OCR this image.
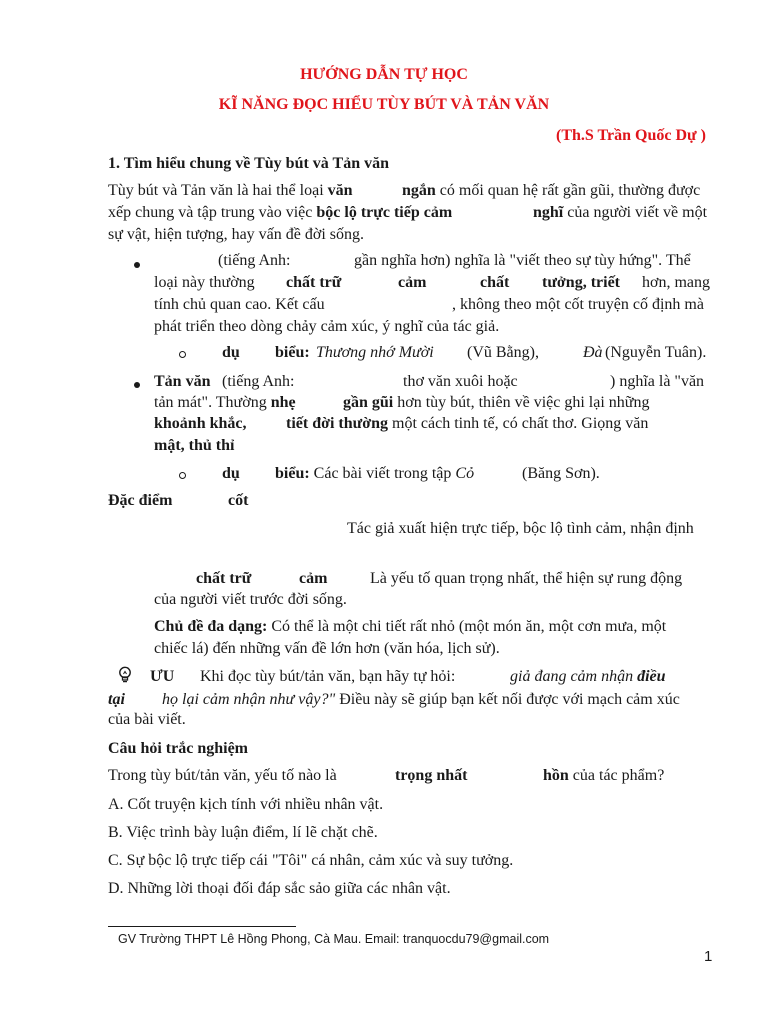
HƯỚNG DẪN TỰ HỌC
KĨ NĂNG ĐỌC HIỂU TÙY BÚT VÀ TẢN VĂN
(Th.S Trần Quốc Dự )
1. Tìm hiểu chung về Tùy bút và Tản văn
Tùy bút và Tản văn là hai thể loại văn	ngắn có mối quan hệ rất gần gũi, thường được
xếp chung và tập trung vào việc bộc lộ trực tiếp cảm	nghĩ của người viết về một
sự vật, hiện tượng, hay vấn đề đời sống.
(tiếng Anh:	gần nghĩa hơn) nghĩa là "viết theo sự tùy hứng". Thể
loại này thường chất trữ	cảm	chất tưởng, triết hơn, mang
tính chủ quan cao. Kết cấu	, không theo một cốt truyện cố định mà
phát triển theo dòng chảy cảm xúc, ý nghĩ của tác giả.
dụ biểu: Thương nhớ Mười (Vũ Bằng),	Đà (Nguyễn Tuân).
Tản văn (tiếng Anh:	thơ văn xuôi hoặc	) nghĩa là "văn
tản mát". Thường nhẹ	gần gũi hơn tùy bút, thiên về việc ghi lại những
khoảnh khắc, tiết đời thường một cách tinh tế, có chất thơ. Giọng văn
mật, thủ thỉ
dụ biểu: Các bài viết trong tập Cỏ	(Băng Sơn).
Đặc điểm	cốt
Tác giả xuất hiện trực tiếp, bộc lộ tình cảm, nhận định
chất trữ	cảm	Là yếu tố quan trọng nhất, thể hiện sự rung động
của người viết trước đời sống.
Chủ đề đa dạng: Có thể là một chi tiết rất nhỏ (một món ăn, một cơn mưa, một
chiếc lá) đến những vấn đề lớn hơn (văn hóa, lịch sử).
ƯU Khi đọc tùy bút/tản văn, bạn hãy tự hỏi:	giả đang cảm nhận điều
tại họ lại cảm nhận như vậy?" Điều này sẽ giúp bạn kết nối được với mạch cảm xúc
của bài viết.
Câu hỏi trắc nghiệm
Trong tùy bút/tản văn, yếu tố nào là	trọng nhất	hồn của tác phẩm?
A. Cốt truyện kịch tính với nhiều nhân vật.
B. Việc trình bày luận điểm, lí lẽ chặt chẽ.
C. Sự bộc lộ trực tiếp cái "Tôi" cá nhân, cảm xúc và suy tưởng.
D. Những lời thoại đối đáp sắc sảo giữa các nhân vật.
GV Trường THPT Lê Hồng Phong, Cà Mau. Email: tranquocdu79@gmail.com
1
